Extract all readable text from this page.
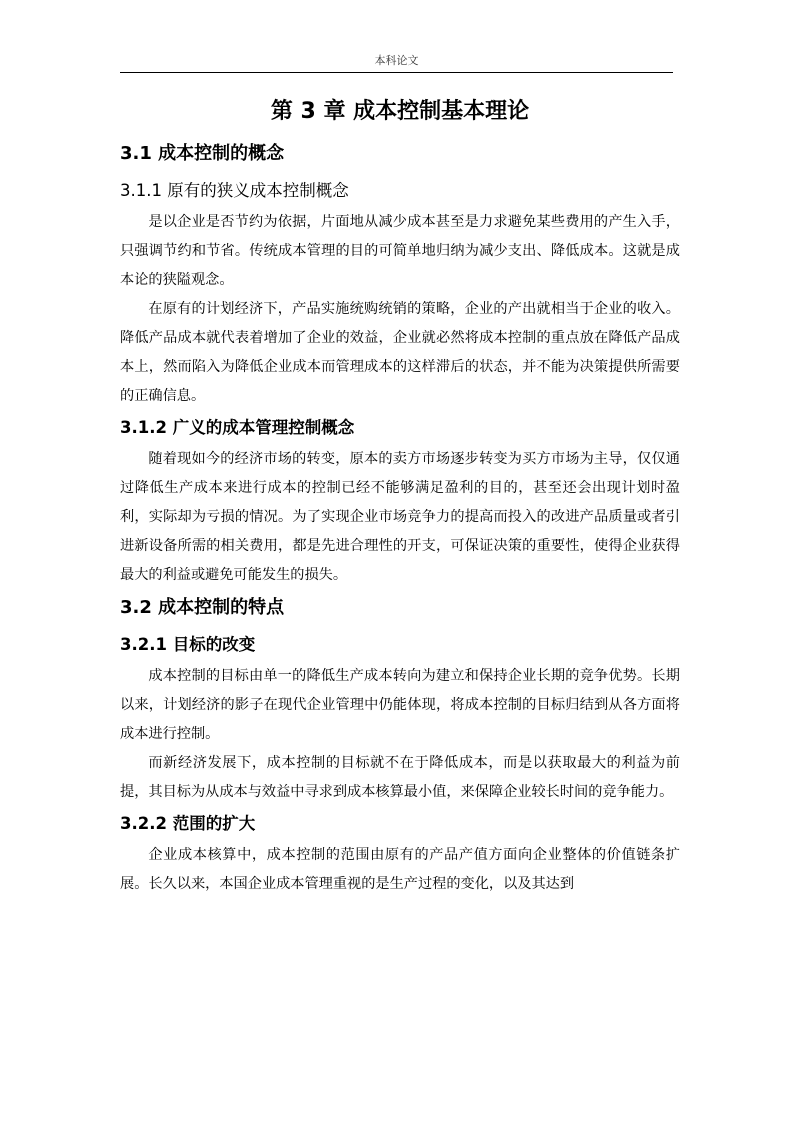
本科论文
第 3 章 成本控制基本理论
3.1 成本控制的概念
3.1.1 原有的狭义成本控制概念

是以企业是否节约为依据，片面地从减少成本甚至是力求避免某些费用的产生入手，只强调节约和节省。传统成本管理的目的可简单地归纳为减少支出、降低成本。这就是成本论的狭隘观念。

在原有的计划经济下，产品实施统购统销的策略，企业的产出就相当于企业的收入。降低产品成本就代表着增加了企业的效益，企业就必然将成本控制的重点放在降低产品成本上，然而陷入为降低企业成本而管理成本的这样滞后的状态，并不能为决策提供所需要的正确信息。

3.1.2 广义的成本管理控制概念

随着现如今的经济市场的转变，原本的卖方市场逐步转变为买方市场为主导，仅仅通过降低生产成本来进行成本的控制已经不能够满足盈利的目的，甚至还会出现计划时盈利，实际却为亏损的情况。为了实现企业市场竞争力的提高而投入的改进产品质量或者引进新设备所需的相关费用，都是先进合理性的开支，可保证决策的重要性，使得企业获得最大的利益或避免可能发生的损失。

3.2 成本控制的特点
3.2.1 目标的改变

成本控制的目标由单一的降低生产成本转向为建立和保持企业长期的竞争优势。长期以来，计划经济的影子在现代企业管理中仍能体现，将成本控制的目标归结到从各方面将成本进行控制。

而新经济发展下，成本控制的目标就不在于降低成本，而是以获取最大的利益为前提，其目标为从成本与效益中寻求到成本核算最小值，来保障企业较长时间的竞争能力。

3.2.2 范围的扩大

企业成本核算中，成本控制的范围由原有的产品产值方面向企业整体的价值链条扩展。长久以来，本国企业成本管理重视的是生产过程的变化，以及其达到
